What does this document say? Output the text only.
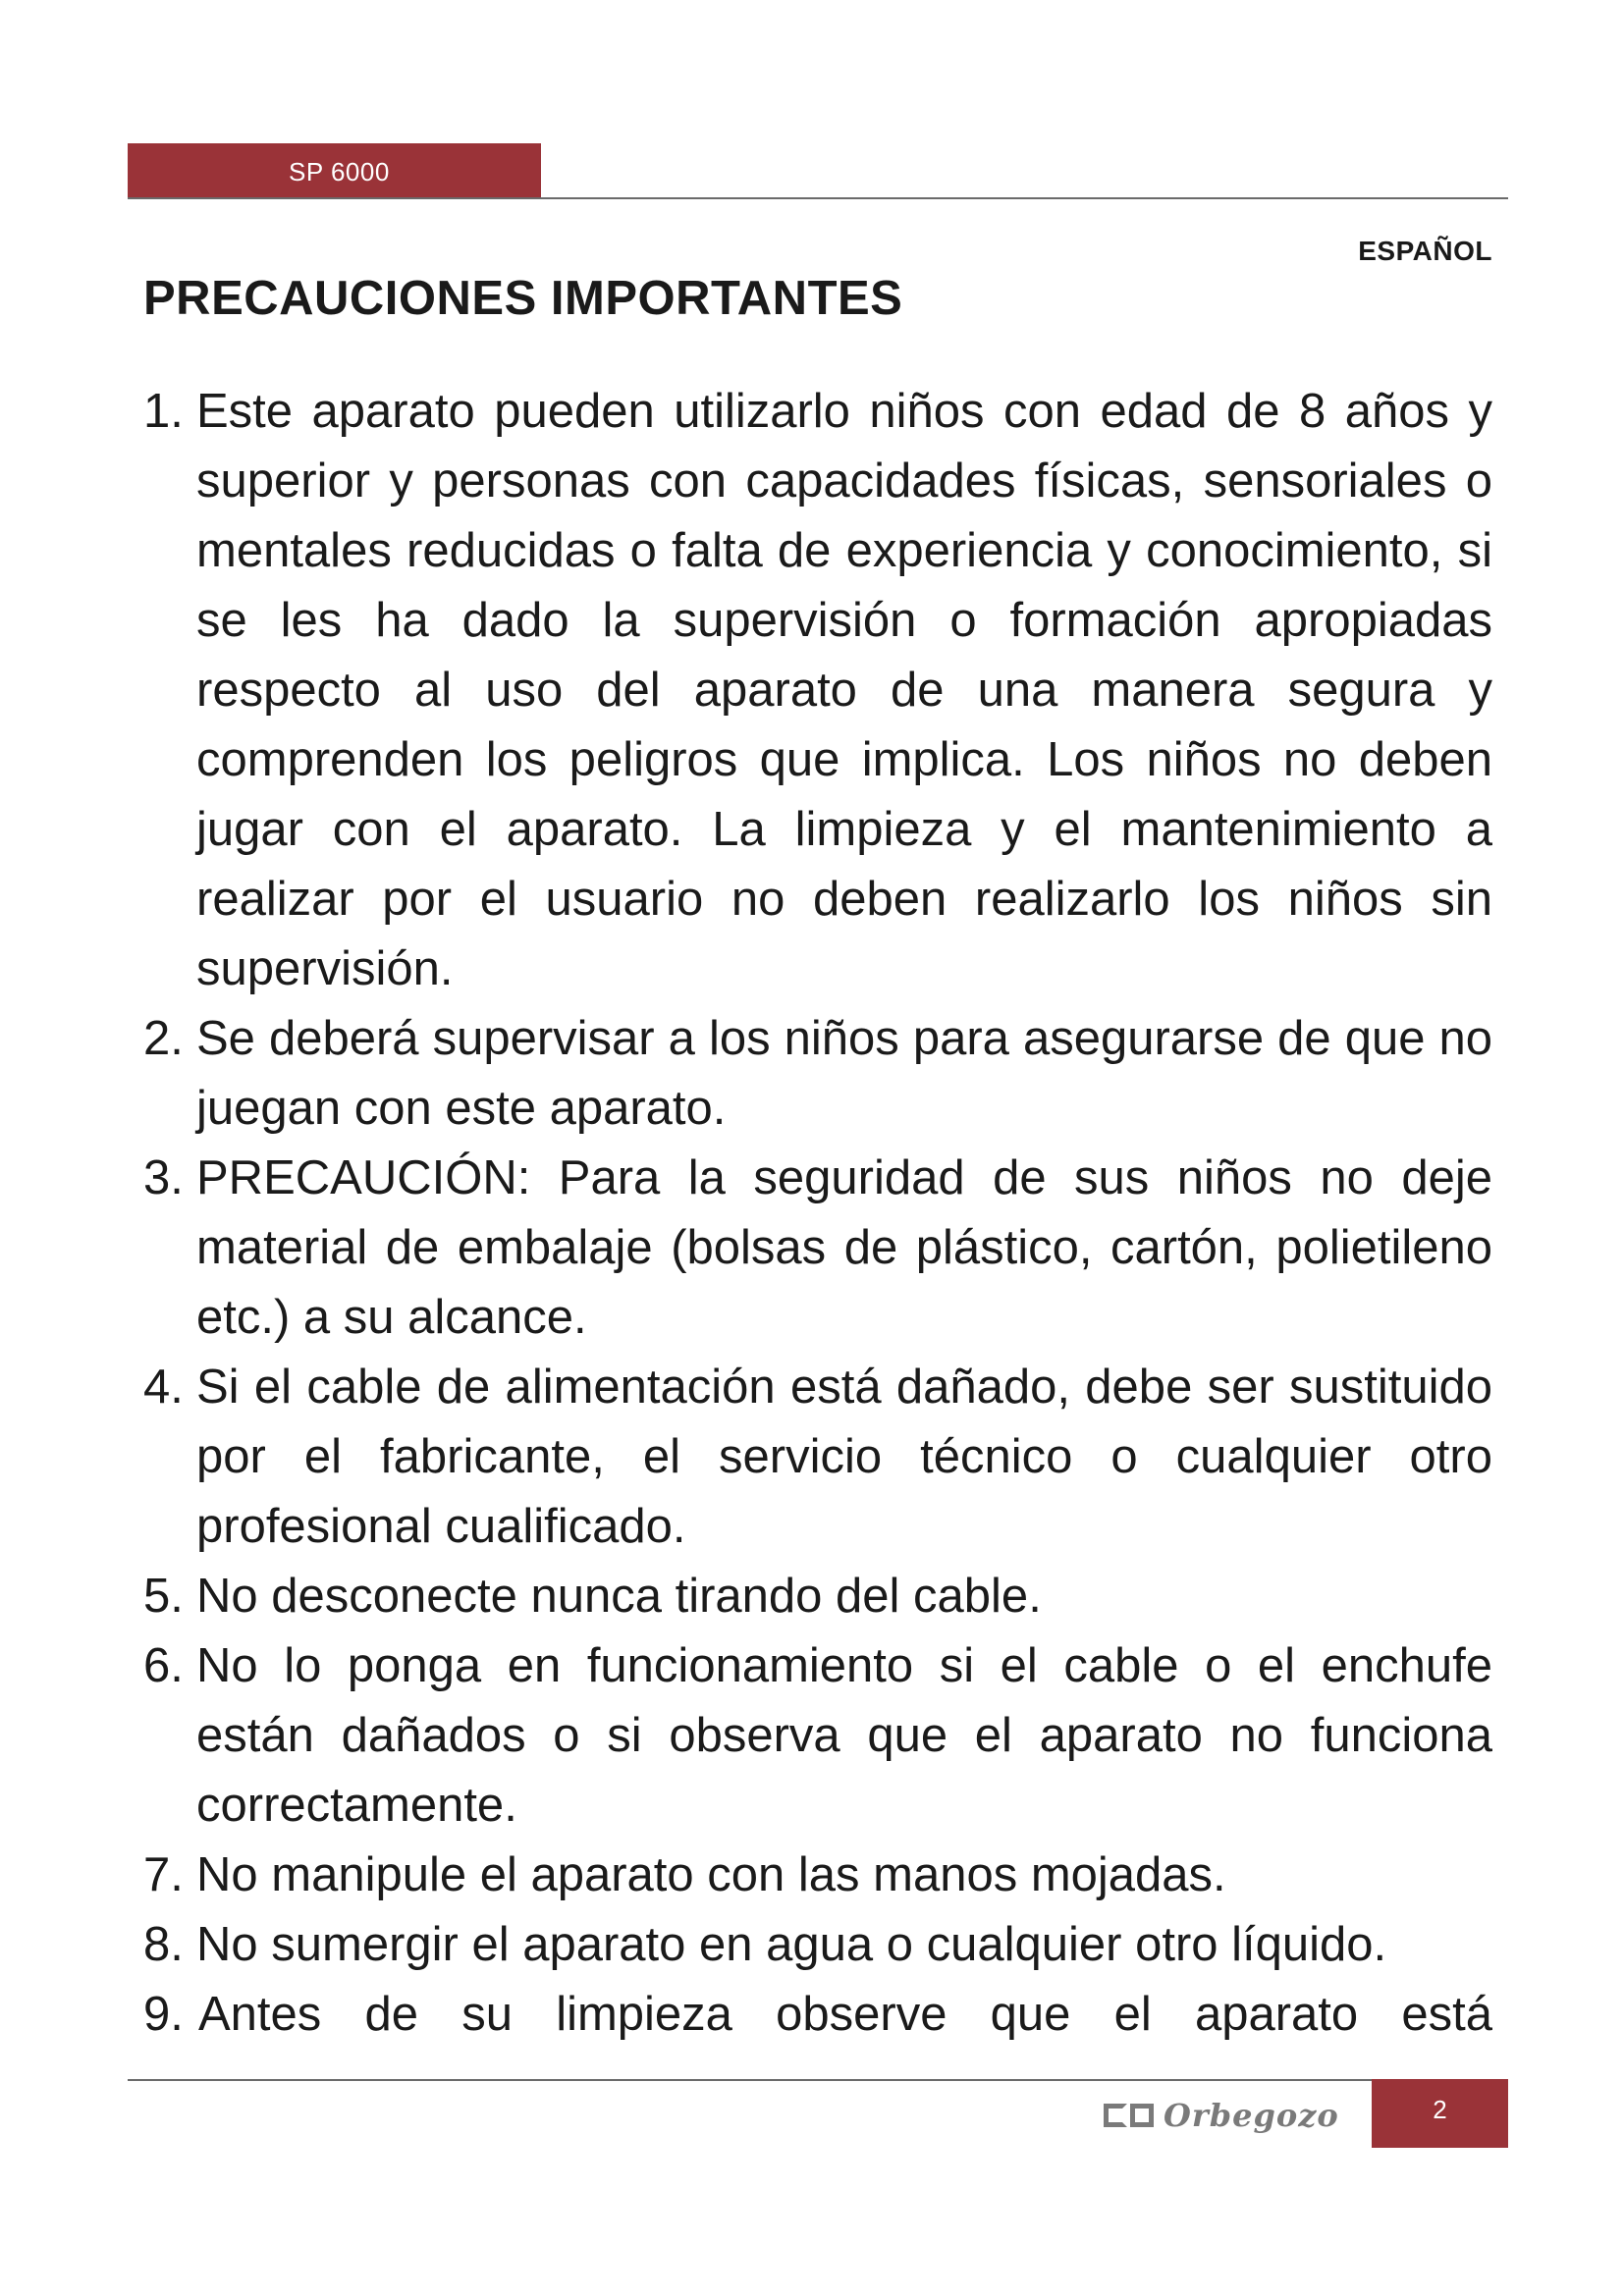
SP 6000
ESPAÑOL
PRECAUCIONES IMPORTANTES
1. Este aparato pueden utilizarlo niños con edad de 8 años y superior y personas con capacidades físicas, sensoriales o mentales reducidas o falta de experiencia y conocimiento, si se les ha dado la supervisión o formación apropiadas respecto al uso del aparato de una manera segura y comprenden los peligros que implica. Los niños no deben jugar con el aparato. La limpieza y el mantenimiento a realizar por el usuario no deben realizarlo los niños sin supervisión.
2. Se deberá supervisar a los niños para asegurarse de que no juegan con este aparato.
3. PRECAUCIÓN: Para la seguridad de sus niños no deje material de embalaje (bolsas de plástico, cartón, polietileno etc.) a su alcance.
4. Si el cable de alimentación está dañado, debe ser sustituido por el fabricante, el servicio técnico o cualquier otro profesional cualificado.
5. No desconecte nunca tirando del cable.
6. No lo ponga en funcionamiento si el cable o el enchufe están dañados o si observa que el aparato no funciona correctamente.
7. No manipule el aparato con las manos mojadas.
8. No sumergir el aparato en agua o cualquier otro líquido.
9. Antes de su limpieza observe que el aparato está
Orbegozo	2
